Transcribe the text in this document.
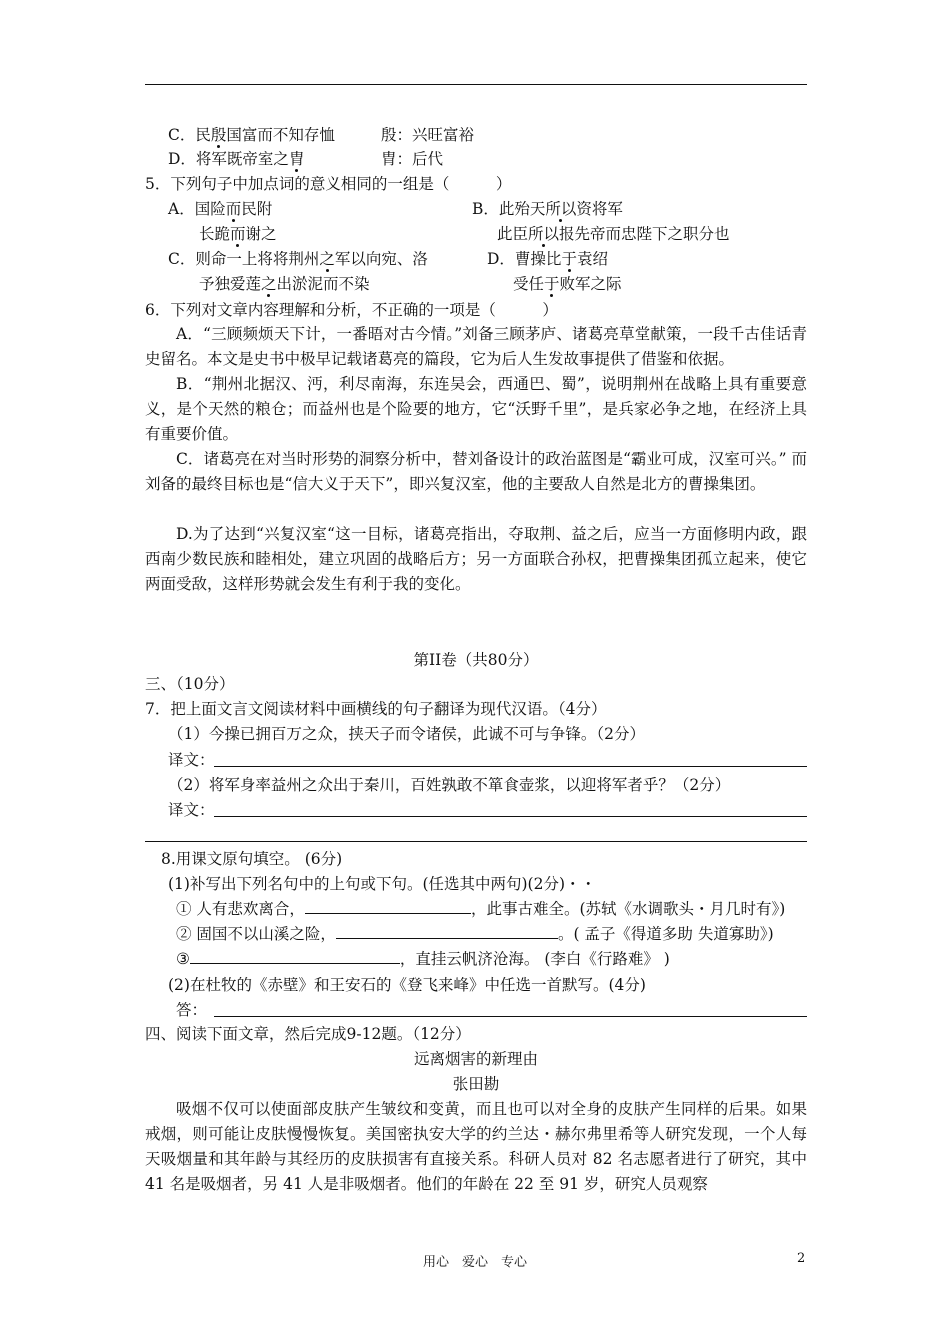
C．民殷国富而不知存恤	殷：兴旺富裕
D．将军既帝室之胄	胄：后代
5．下列句子中加点词的意义相同的一组是（　　　）
A．国险而民附	B．此殆天所以资将军
长跪而谢之	此臣所以报先帝而忠陛下之职分也
C．则命一上将将荆州之军以向宛、洛	D．曹操比于袁绍
予独爱莲之出淤泥而不染	受任于败军之际
6．下列对文章内容理解和分析，不正确的一项是（　　　）
A．“三顾频烦天下计，一番晤对古今情。”刘备三顾茅庐、诸葛亮草堂献策，一段千古佳话青史留名。本文是史书中极早记载诸葛亮的篇段，它为后人生发故事提供了借鉴和依据。
B．“荆州北据汉、沔，利尽南海，东连吴会，西通巴、蜀”，说明荆州在战略上具有重要意义，是个天然的粮仓；而益州也是个险要的地方，它“沃野千里”，是兵家必争之地，在经济上具有重要价值。
C．诸葛亮在对当时形势的洞察分析中，替刘备设计的政治蓝图是“霸业可成，汉室可兴。” 而刘备的最终目标也是“信大义于天下”，即兴复汉室，他的主要敌人自然是北方的曹操集团。
D.为了达到“兴复汉室“这一目标，诸葛亮指出，夺取荆、益之后，应当一方面修明内政，跟西南少数民族和睦相处，建立巩固的战略后方；另一方面联合孙权，把曹操集团孤立起来，使它两面受敌，这样形势就会发生有利于我的变化。
第II卷（共80分）
三、（10分）
7．把上面文言文阅读材料中画横线的句子翻译为现代汉语。（4分）
（1）今操已拥百万之众，挟天子而令诸侯，此诚不可与争锋。（2分）
译文：
（2）将军身率益州之众出于秦川，百姓孰敢不箪食壶浆，以迎将军者乎？（2分）
译文：
8.用课文原句填空。 (6分)
(1)补写出下列名句中的上句或下句。(任选其中两句)(2分)・・
① 人有悲欢离合，	，此事古难全。(苏轼《水调歌头・月几时有》)
② 固国不以山溪之险，	。( 孟子《得道多助 失道寡助》)
③	，直挂云帆济沧海。 (李白《行路难》 )
(2)在杜牧的《赤壁》和王安石的《登飞来峰》中任选一首默写。(4分)
答：
四、阅读下面文章，然后完成9-12题。（12分）
远离烟害的新理由
张田勘
吸烟不仅可以使面部皮肤产生皱纹和变黄，而且也可以对全身的皮肤产生同样的后果。如果戒烟，则可能让皮肤慢慢恢复。美国密执安大学的约兰达・赫尔弗里希等人研究发现，一个人每天吸烟量和其年龄与其经历的皮肤损害有直接关系。科研人员对 82 名志愿者进行了研究，其中 41 名是吸烟者，另 41 人是非吸烟者。他们的年龄在 22 至 91 岁，研究人员观察
用心　爱心　专心	2
